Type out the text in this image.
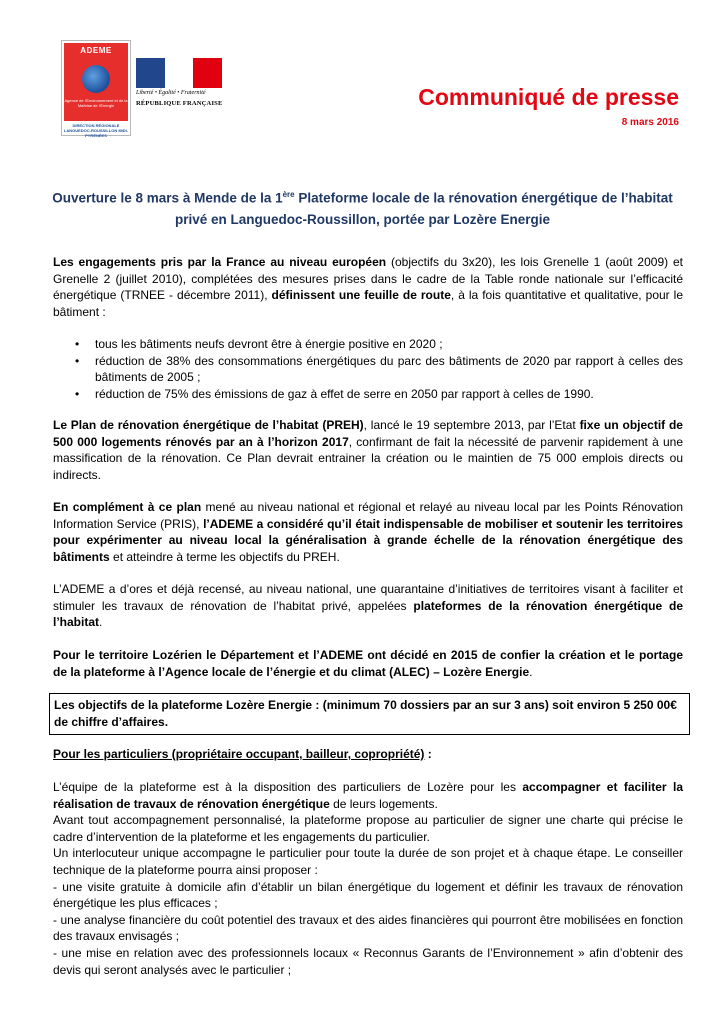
ADEME
Agence de l'Environnement et de la Maîtrise de l'Energie
DIRECTION RÉGIONALE LANGUEDOC-ROUSSILLON MIDI-PYRÉNÉES
Liberté • Égalité • Fraternité
RÉPUBLIQUE FRANÇAISE	Communiqué de presse
8 mars 2016
Ouverture le 8 mars à Mende de la 1ère Plateforme locale de la rénovation énergétique de l’habitat privé en Languedoc-Roussillon, portée par Lozère Energie
Les engagements pris par la France au niveau européen (objectifs du 3x20), les lois Grenelle 1 (août 2009) et Grenelle 2 (juillet 2010), complétées des mesures prises dans le cadre de la Table ronde nationale sur l’efficacité énergétique (TRNEE - décembre 2011), définissent une feuille de route, à la fois quantitative et qualitative, pour le bâtiment :
• tous les bâtiments neufs devront être à énergie positive en 2020 ;
• réduction de 38% des consommations énergétiques du parc des bâtiments de 2020 par rapport à celles des bâtiments de 2005 ;
• réduction de 75% des émissions de gaz à effet de serre en 2050 par rapport à celles de 1990.
Le Plan de rénovation énergétique de l’habitat (PREH), lancé le 19 septembre 2013, par l’Etat fixe un objectif de 500 000 logements rénovés par an à l’horizon 2017, confirmant de fait la nécessité de parvenir rapidement à une massification de la rénovation. Ce Plan devrait entrainer la création ou le maintien de 75 000 emplois directs ou indirects.
En complément à ce plan mené au niveau national et régional et relayé au niveau local par les Points Rénovation Information Service (PRIS), l’ADEME a considéré qu’il était indispensable de mobiliser et soutenir les territoires pour expérimenter au niveau local la généralisation à grande échelle de la rénovation énergétique des bâtiments et atteindre à terme les objectifs du PREH.
L’ADEME a d’ores et déjà recensé, au niveau national, une quarantaine d’initiatives de territoires visant à faciliter et stimuler les travaux de rénovation de l’habitat privé, appelées plateformes de la rénovation énergétique de l’habitat.
Pour le territoire Lozérien le Département et l’ADEME ont décidé en 2015 de confier la création et le portage de la plateforme à l’Agence locale de l’énergie et du climat (ALEC) – Lozère Energie.
Les objectifs de la plateforme Lozère Energie : (minimum 70 dossiers par an sur 3 ans) soit environ 5 250 00€ de chiffre d’affaires.
Pour les particuliers (propriétaire occupant, bailleur, copropriété) :
L’équipe de la plateforme est à la disposition des particuliers de Lozère pour les accompagner et faciliter la réalisation de travaux de rénovation énergétique de leurs logements.
Avant tout accompagnement personnalisé, la plateforme propose au particulier de signer une charte qui précise le cadre d’intervention de la plateforme et les engagements du particulier.
Un interlocuteur unique accompagne le particulier pour toute la durée de son projet et à chaque étape. Le conseiller technique de la plateforme pourra ainsi proposer :
- une visite gratuite à domicile afin d’établir un bilan énergétique du logement et définir les travaux de rénovation énergétique les plus efficaces ;
- une analyse financière du coût potentiel des travaux et des aides financières qui pourront être mobilisées en fonction des travaux envisagés ;
- une mise en relation avec des professionnels locaux « Reconnus Garants de l’Environnement » afin d’obtenir des devis qui seront analysés avec le particulier ;
